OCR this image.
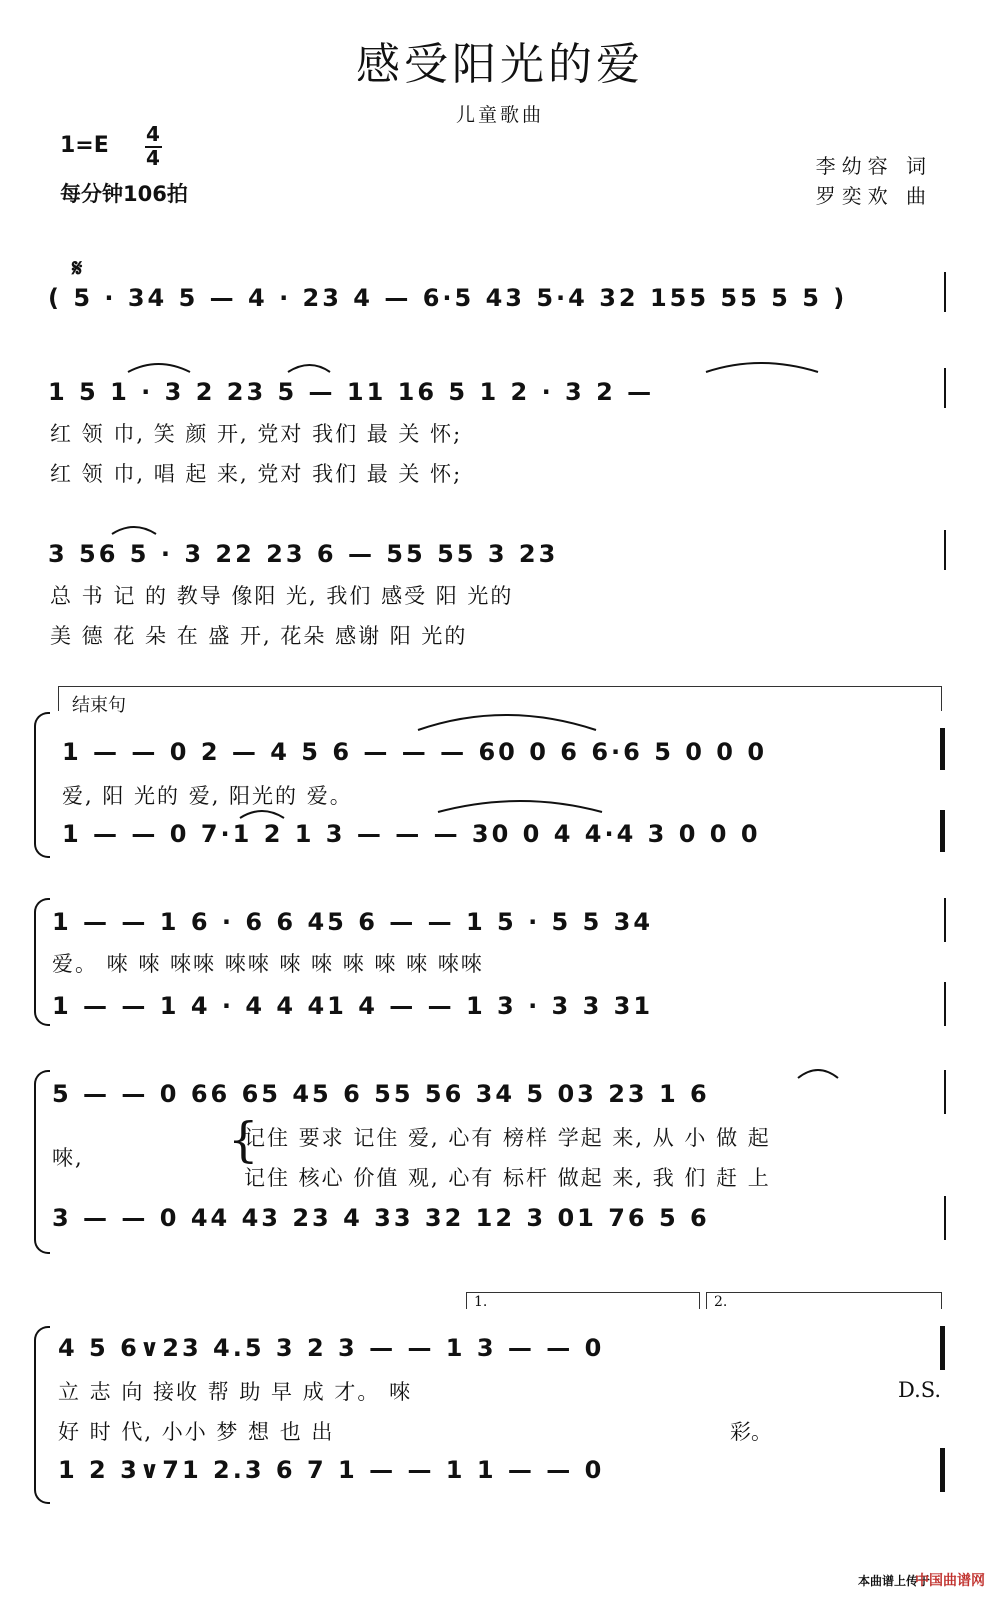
感受阳光的爱
儿童歌曲
1=E 4
4
每分钟106拍
李幼容 词
罗奕欢 曲
𝄋
( 5 · 34 5 — 4 · 23 4 — 6·5 43 5·4 32 155 55 5 5 )
1 5 1 · 3 2 23 5 — 11 16 5 1 2 · 3 2 —
红 领 巾, 笑 颜 开, 党对 我们 最 关 怀;
红 领 巾, 唱 起 来, 党对 我们 最 关 怀;
3 56 5 · 3 22 23 6 — 55 55 3 23
总 书 记 的 教导 像阳 光, 我们 感受 阳 光的
美 德 花 朵 在 盛 开, 花朵 感谢 阳 光的
结束句
1 — — 0 2 — 4 5 6 — — — 60 0 6 6·6 5 0 0 0
爱, 阳 光的 爱, 阳光的 爱。
1 — — 0 7·1 2 1 3 — — — 30 0 4 4·4 3 0 0 0
1 — — 1 6 · 6 6 45 6 — — 1 5 · 5 5 34
爱。 唻 唻 唻唻 唻唻 唻 唻 唻 唻 唻 唻唻
1 — — 1 4 · 4 4 41 4 — — 1 3 · 3 3 31
5 — — 0 66 65 45 6 55 56 34 5 03 23 1 6
唻,	{
记住 要求 记住 爱, 心有 榜样 学起 来, 从 小 做 起
记住 核心 价值 观, 心有 标杆 做起 来, 我 们 赶 上
3 — — 0 44 43 23 4 33 32 12 3 01 76 5 6
1.	2.
4 5 6∨23 4.5 3 2 3 — — 1 3 — — 0
立 志 向 接收 帮 助 早 成 才。 唻	D.S.
好 时 代, 小小 梦 想 也 出	彩。
1 2 3∨71 2.3 6 7 1 — — 1 1 — — 0
本曲谱上传于
中国曲谱网
